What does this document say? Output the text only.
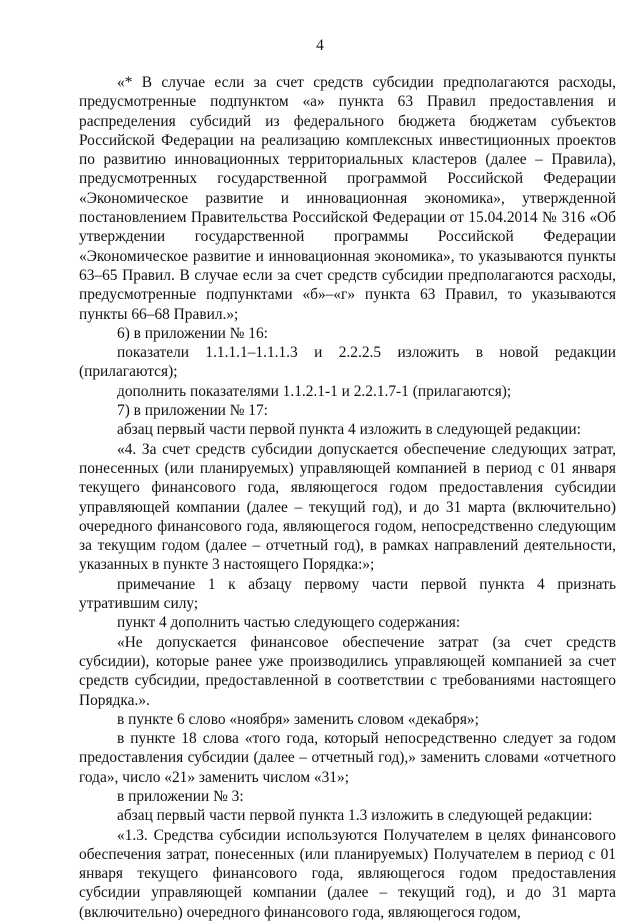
4

«* В случае если за счет средств субсидии предполагаются расходы, предусмотренные подпунктом «а» пункта 63 Правил предоставления и распределения субсидий из федерального бюджета бюджетам субъектов Российской Федерации на реализацию комплексных инвестиционных проектов по развитию инновационных территориальных кластеров (далее – Правила), предусмотренных государственной программой Российской Федерации «Экономическое развитие и инновационная экономика», утвержденной постановлением Правительства Российской Федерации от 15.04.2014 № 316 «Об утверждении государственной программы Российской Федерации «Экономическое развитие и инновационная экономика», то указываются пункты 63–65 Правил. В случае если за счет средств субсидии предполагаются расходы, предусмотренные подпунктами «б»–«г» пункта 63 Правил, то указываются пункты 66–68 Правил.»;

6) в приложении № 16:

показатели 1.1.1.1–1.1.1.3 и 2.2.2.5 изложить в новой редакции (прилагаются);

дополнить показателями 1.1.2.1-1 и 2.2.1.7-1 (прилагаются);

7) в приложении № 17:

абзац первый части первой пункта 4 изложить в следующей редакции:

«4. За счет средств субсидии допускается обеспечение следующих затрат, понесенных (или планируемых) управляющей компанией в период с 01 января текущего финансового года, являющегося годом предоставления субсидии управляющей компании (далее – текущий год), и до 31 марта (включительно) очередного финансового года, являющегося годом, непосредственно следующим за текущим годом (далее – отчетный год), в рамках направлений деятельности, указанных в пункте 3 настоящего Порядка:»;

примечание 1 к абзацу первому части первой пункта 4 признать утратившим силу;

пункт 4 дополнить частью следующего содержания:

«Не допускается финансовое обеспечение затрат (за счет средств субсидии), которые ранее уже производились управляющей компанией за счет средств субсидии, предоставленной в соответствии с требованиями настоящего Порядка.».

в пункте 6 слово «ноября» заменить словом «декабря»;

в пункте 18 слова «того года, который непосредственно следует за годом предоставления субсидии (далее – отчетный год),» заменить словами «отчетного года», число «21» заменить числом «31»;

в приложении № 3:

абзац первый части первой пункта 1.3 изложить в следующей редакции:

«1.3. Средства субсидии используются Получателем в целях финансового обеспечения затрат, понесенных (или планируемых) Получателем в период с 01 января текущего финансового года, являющегося годом предоставления субсидии управляющей компании (далее – текущий год), и до 31 марта (включительно) очередного финансового года, являющегося годом,
